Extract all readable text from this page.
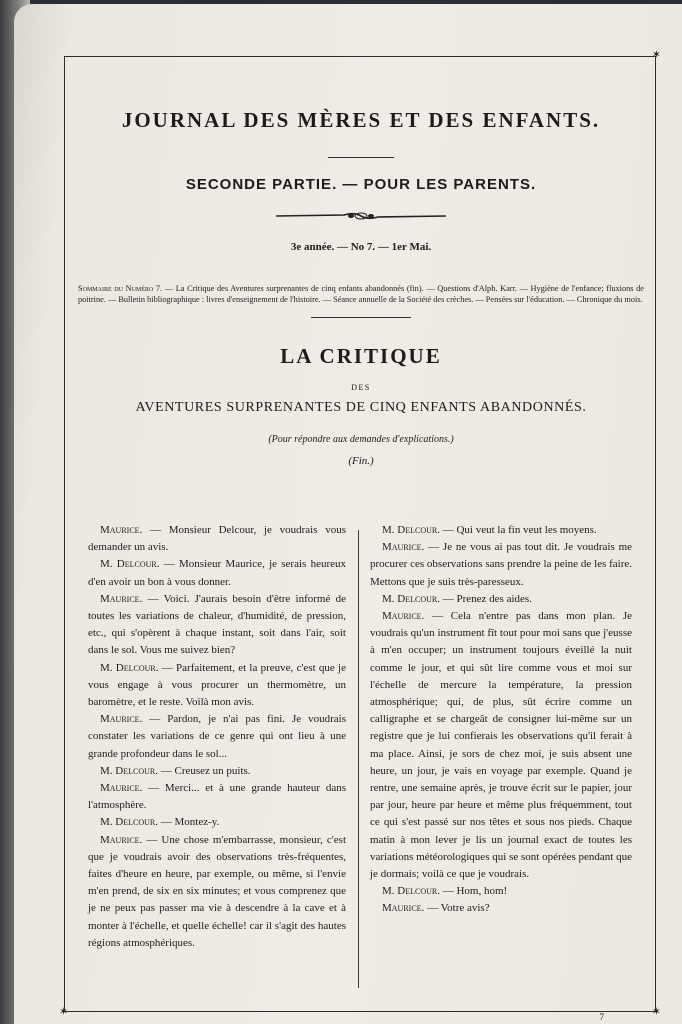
✶
✶	✶
JOURNAL DES MÈRES ET DES ENFANTS.
SECONDE PARTIE. — POUR LES PARENTS.
3e année. — No 7. — 1er Mai.
Sommaire du Numéro 7. — La Critique des Aventures surprenantes de cinq enfants abandonnés (fin). — Questions d'Alph. Karr. — Hygiène de l'enfance; fluxions de poitrine. — Bulletin bibliographique : livres d'enseignement de l'histoire. — Séance annuelle de la Société des crèches. — Pensées sur l'éducation. — Chronique du mois.
LA CRITIQUE
DES
AVENTURES SURPRENANTES DE CINQ ENFANTS ABANDONNÉS.
(Pour répondre aux demandes d'explications.)
(Fin.)

Maurice. — Monsieur Delcour, je voudrais vous demander un avis.

M. Delcour. — Monsieur Maurice, je serais heureux d'en avoir un bon à vous donner.

Maurice. — Voici. J'aurais besoin d'être informé de toutes les variations de chaleur, d'humidité, de pression, etc., qui s'opèrent à chaque instant, soit dans l'air, soit dans le sol. Vous me suivez bien?

M. Delcour. — Parfaitement, et la preuve, c'est que je vous engage à vous procurer un thermomètre, un baromètre, et le reste. Voilà mon avis.

Maurice. — Pardon, je n'ai pas fini. Je voudrais constater les variations de ce genre qui ont lieu à une grande profondeur dans le sol...

M. Delcour. — Creusez un puits.

Maurice. — Merci... et à une grande hauteur dans l'atmosphère.

M. Delcour. — Montez-y.

Maurice. — Une chose m'embarrasse, monsieur, c'est que je voudrais avoir des observations très-fréquentes, faites d'heure en heure, par exemple, ou même, si l'envie m'en prend, de six en six minutes; et vous comprenez que je ne peux pas passer ma vie à descendre à la cave et à monter à l'échelle, et quelle échelle! car il s'agit des hautes régions atmosphériques.

M. Delcour. — Qui veut la fin veut les moyens.

Maurice. — Je ne vous ai pas tout dit. Je voudrais me procurer ces observations sans prendre la peine de les faire. Mettons que je suis très-paresseux.

M. Delcour. — Prenez des aides.

Maurice. — Cela n'entre pas dans mon plan. Je voudrais qu'un instrument fît tout pour moi sans que j'eusse à m'en occuper; un instrument toujours éveillé la nuit comme le jour, et qui sût lire comme vous et moi sur l'échelle de mercure la température, la pression atmosphérique; qui, de plus, sût écrire comme un calligraphe et se chargeât de consigner lui-même sur un registre que je lui confierais les observations qu'il ferait à ma place. Ainsi, je sors de chez moi, je suis absent une heure, un jour, je vais en voyage par exemple. Quand je rentre, une semaine après, je trouve écrit sur le papier, jour par jour, heure par heure et même plus fréquemment, tout ce qui s'est passé sur nos têtes et sous nos pieds. Chaque matin à mon lever je lis un journal exact de toutes les variations météorologiques qui se sont opérées pendant que je dormais; voilà ce que je voudrais.

M. Delcour. — Hom, hom!

Maurice. — Votre avis?

7
